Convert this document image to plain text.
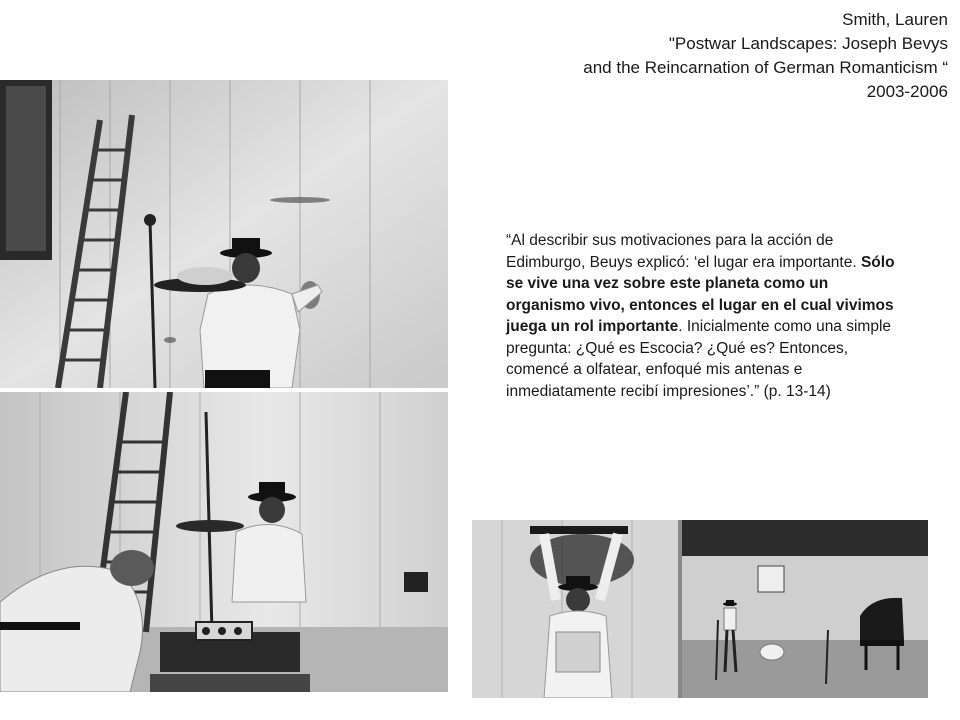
Smith, Lauren
"Postwar Landscapes: Joseph Bevys
and the Reincarnation of German Romanticism “
2003-2006
“Al describir sus motivaciones para la acción de Edimburgo, Beuys explicó: ‘el lugar era importante. Sólo se vive una vez sobre este planeta como un organismo vivo, entonces el lugar en el cual vivimos juega un rol importante. Inicialmente como una simple pregunta: ¿Qué es Escocia? ¿Qué es? Entonces, comencé a olfatear, enfoqué mis antenas e inmediatamente recibí impresiones’.” (p. 13-14)
